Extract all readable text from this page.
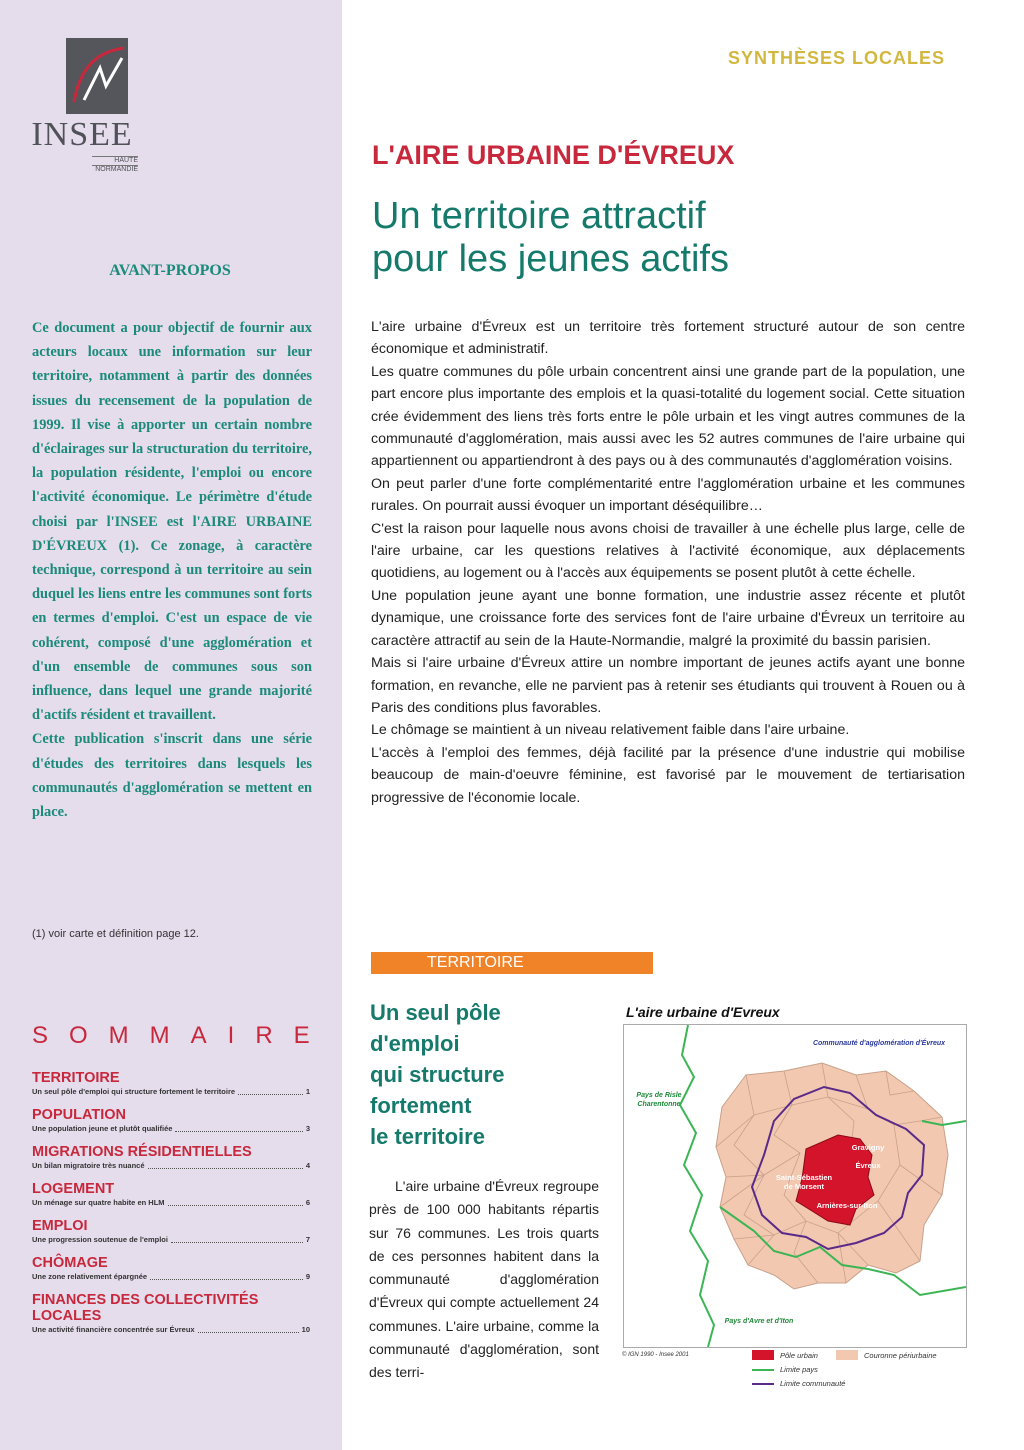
INSEE
HAUTE
NORMANDIE
AVANT-PROPOS

Ce document a pour objectif de fournir aux acteurs locaux une information sur leur territoire, notamment à partir des données issues du recensement de la population de 1999. Il vise à apporter un certain nombre d'éclairages sur la structuration du territoire, la population résidente, l'emploi ou encore l'activité économique. Le périmètre d'étude choisi par l'INSEE est l'AIRE URBAINE D'ÉVREUX (1). Ce zonage, à caractère technique, correspond à un territoire au sein duquel les liens entre les communes sont forts en termes d'emploi. C'est un espace de vie cohérent, composé d'une agglomération et d'un ensemble de communes sous son influence, dans lequel une grande majorité d'actifs résident et travaillent.

Cette publication s'inscrit dans une série d'études des territoires dans lesquels les communautés d'agglomération se mettent en place.

(1) voir carte et définition page 12.
SOMMAIRE
TERRITOIRE
Un seul pôle d'emploi qui structure fortement le territoire	1
POPULATION
Une population jeune et plutôt qualifiée	3
MIGRATIONS RÉSIDENTIELLES
Un bilan migratoire très nuancé	4
LOGEMENT
Un ménage sur quatre habite en HLM	6
EMPLOI
Une progression soutenue de l'emploi	7
CHÔMAGE
Une zone relativement épargnée	9
FINANCES DES COLLECTIVITÉS LOCALES
Une activité financière concentrée sur Évreux	10
SYNTHÈSES LOCALES
L'AIRE URBAINE D'ÉVREUX
Un territoire attractif
pour les jeunes actifs

L'aire urbaine d'Évreux est un territoire très fortement structuré autour de son centre économique et administratif.

Les quatre communes du pôle urbain concentrent ainsi une grande part de la population, une part encore plus importante des emplois et la quasi-totalité du logement social. Cette situation crée évidemment des liens très forts entre le pôle urbain et les vingt autres communes de la communauté d'agglomération, mais aussi avec les 52 autres communes de l'aire urbaine qui appartiennent ou appartiendront à des pays ou à des communautés d'agglomération voisins.

On peut parler d'une forte complémentarité entre l'agglomération urbaine et les communes rurales. On pourrait aussi évoquer un important déséquilibre…

C'est la raison pour laquelle nous avons choisi de travailler à une échelle plus large, celle de l'aire urbaine, car les questions relatives à l'activité économique, aux déplacements quotidiens, au logement ou à l'accès aux équipements se posent plutôt à cette échelle.

Une population jeune ayant une bonne formation, une industrie assez récente et plutôt dynamique, une croissance forte des services font de l'aire urbaine d'Évreux un territoire au caractère attractif au sein de la Haute-Normandie, malgré la proximité du bassin parisien.

Mais si l'aire urbaine d'Évreux attire un nombre important de jeunes actifs ayant une bonne formation, en revanche, elle ne parvient pas à retenir ses étudiants qui trouvent à Rouen ou à Paris des conditions plus favorables.

Le chômage se maintient à un niveau relativement faible dans l'aire urbaine.

L'accès à l'emploi des femmes, déjà facilité par la présence d'une industrie qui mobilise beaucoup de main-d'oeuvre féminine, est favorisé par le mouvement de tertiarisation progressive de l'économie locale.

TERRITOIRE
Un seul pôle
d'emploi
qui structure
fortement
le territoire

L'aire urbaine d'Évreux regroupe près de 100 000 habitants répartis sur 76 communes. Les trois quarts de ces personnes habitent dans la communauté d'agglomération d'Évreux qui compte actuellement 24 communes. L'aire urbaine, comme la communauté d'agglomération, sont des terri-

L'aire urbaine d'Evreux
Communauté d'agglomération d'Évreux
Pays de Risle Charentonne
Pays d'Avre et d'Iton
Gravigny
Évreux
Saint-Sébastien de Morsent
Arnières-sur-Iton
© IGN 1990 - Insee 2001	Pôle urbain	Couronne périurbaine
Limite pays
Limite communauté
